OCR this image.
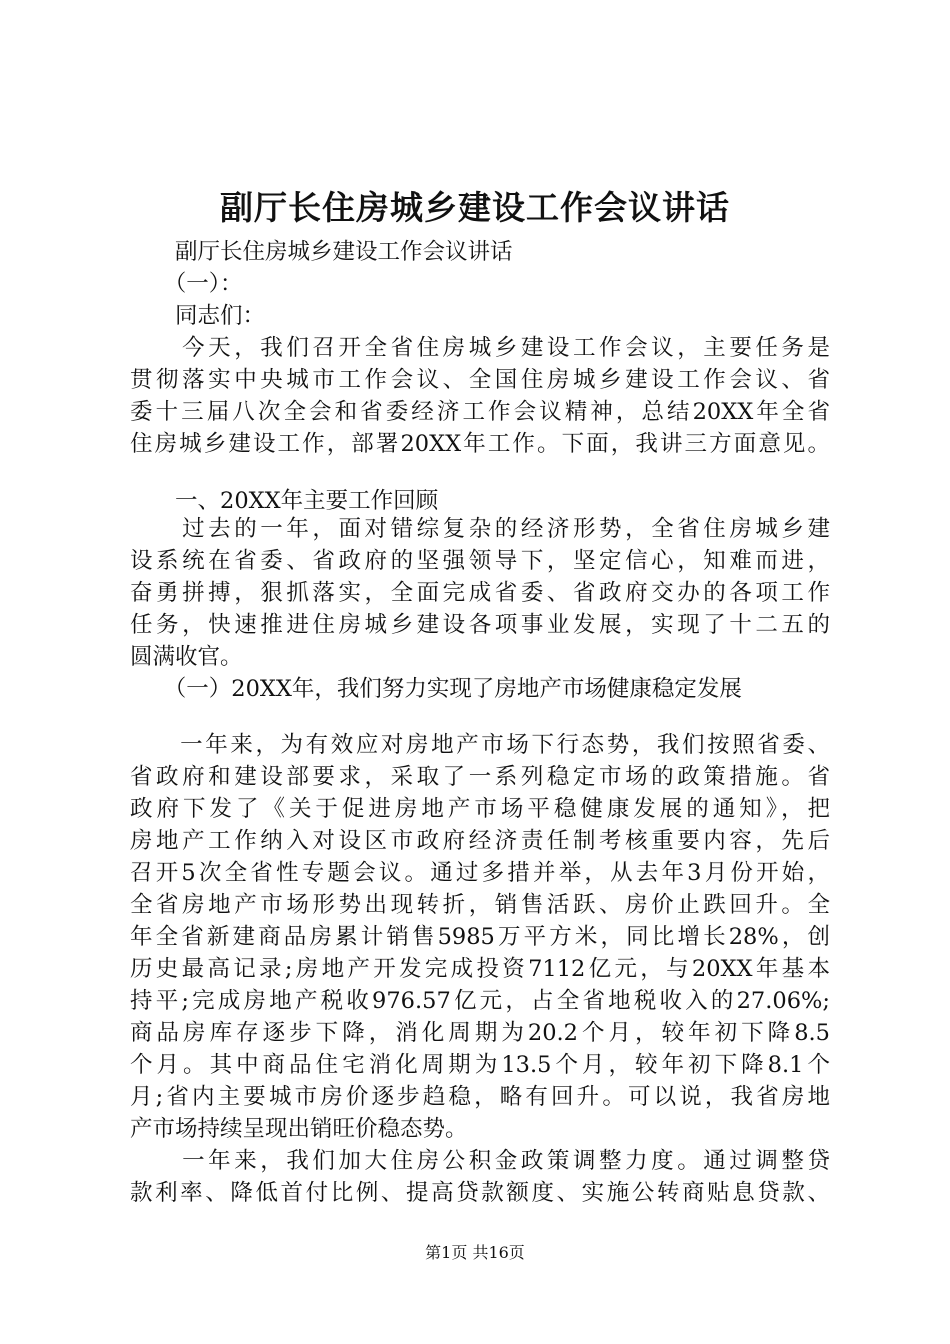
副厅长住房城乡建设工作会议讲话
　　副厅长住房城乡建设工作会议讲话
　　（一）：
　　同志们：
　　今天，我们召开全省住房城乡建设工作会议，主要任务是
贯彻落实中央城市工作会议、全国住房城乡建设工作会议、省
委十三届八次全会和省委经济工作会议精神，总结20XX年全省
住房城乡建设工作，部署20XX年工作。下面，我讲三方面意见。
　　一、20XX年主要工作回顾
　　过去的一年，面对错综复杂的经济形势，全省住房城乡建
设系统在省委、省政府的坚强领导下，坚定信心，知难而进，
奋勇拼搏，狠抓落实，全面完成省委、省政府交办的各项工作
任务，快速推进住房城乡建设各项事业发展，实现了十二五的
圆满收官。
　　（一）20XX年，我们努力实现了房地产市场健康稳定发展
　　一年来，为有效应对房地产市场下行态势，我们按照省委、
省政府和建设部要求，采取了一系列稳定市场的政策措施。省
政府下发了《关于促进房地产市场平稳健康发展的通知》，把
房地产工作纳入对设区市政府经济责任制考核重要内容，先后
召开5次全省性专题会议。通过多措并举，从去年3月份开始，
全省房地产市场形势出现转折，销售活跃、房价止跌回升。全
年全省新建商品房累计销售5985万平方米，同比增长28%，创
历史最高记录;房地产开发完成投资7112亿元，与20XX年基本
持平;完成房地产税收976.57亿元，占全省地税收入的27.06%;
商品房库存逐步下降，消化周期为20.2个月，较年初下降8.5
个月。其中商品住宅消化周期为13.5个月，较年初下降8.1个
月;省内主要城市房价逐步趋稳，略有回升。可以说，我省房地
产市场持续呈现出销旺价稳态势。
　　一年来，我们加大住房公积金政策调整力度。通过调整贷
款利率、降低首付比例、提高贷款额度、实施公转商贴息贷款、
第1页 共16页
